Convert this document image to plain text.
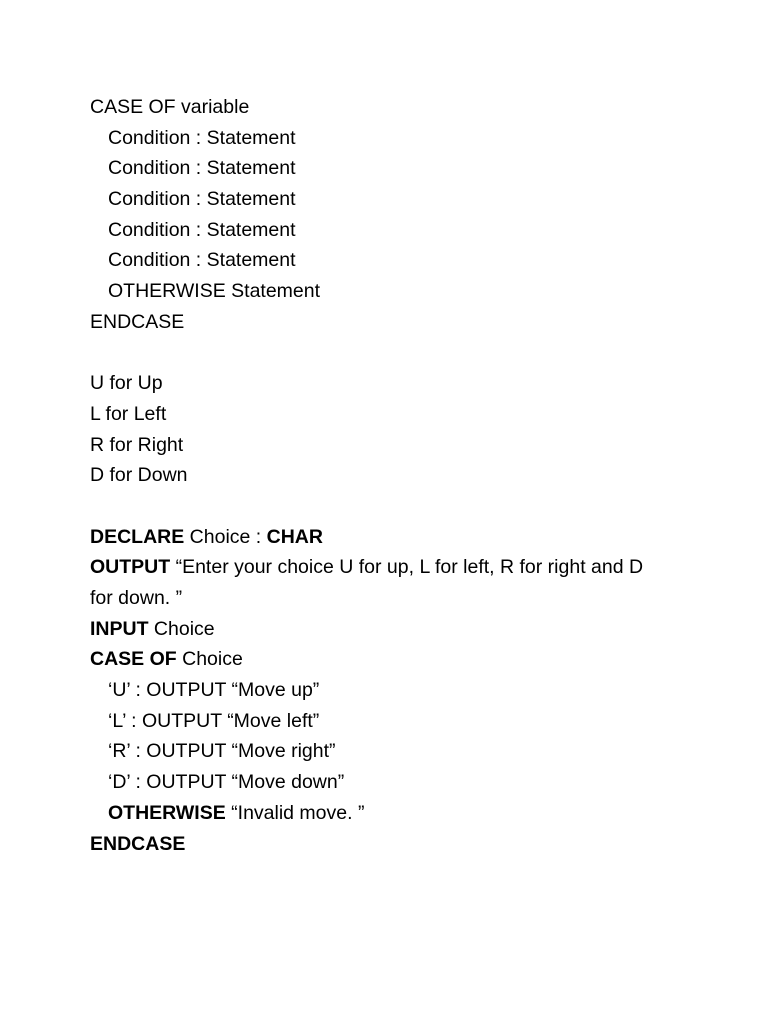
CASE OF variable
Condition : Statement
Condition : Statement
Condition : Statement
Condition : Statement
Condition : Statement
OTHERWISE Statement
ENDCASE
U for Up
L for Left
R for Right
D for Down
DECLARE Choice : CHAR
OUTPUT “Enter your choice U for up, L for left, R for right and D
for down. ”
INPUT Choice
CASE OF Choice
‘U’ : OUTPUT “Move up”
‘L’ : OUTPUT “Move left”
‘R’ : OUTPUT “Move right”
‘D’ : OUTPUT “Move down”
OTHERWISE “Invalid move. ”
ENDCASE
